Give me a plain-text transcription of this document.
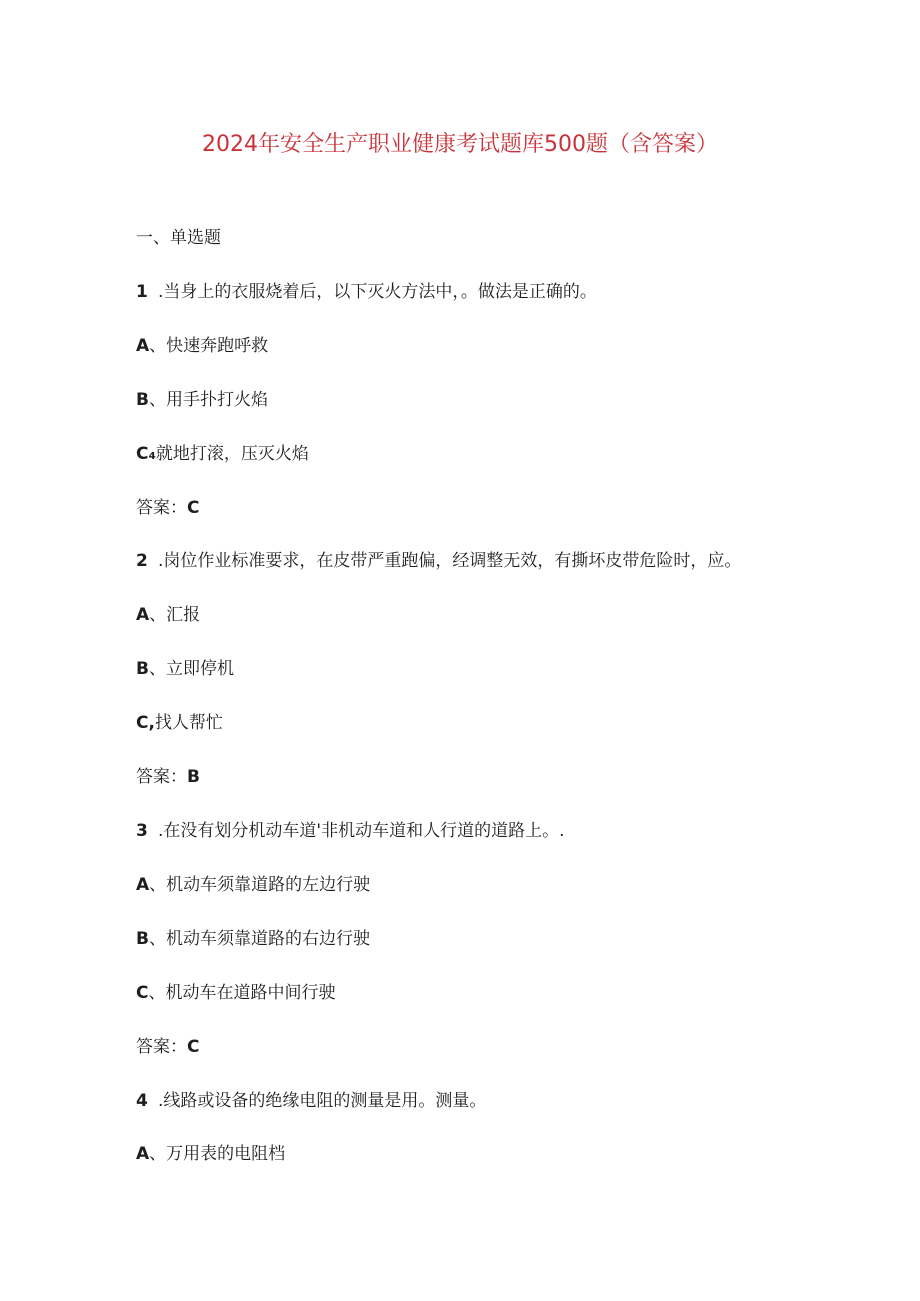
2024年安全生产职业健康考试题库500题（含答案）
一、单选题
1 .当身上的衣服烧着后，以下灭火方法中，。做法是正确的。
A、快速奔跑呼救
B、用手扑打火焰
C₄就地打滚，压灭火焰
答案：C
2 .岗位作业标准要求，在皮带严重跑偏，经调整无效，有撕坏皮带危险时，应。
A、汇报
B、立即停机
C,找人帮忙
答案：B
3 .在没有划分机动车道'非机动车道和人行道的道路上。.
A、机动车须靠道路的左边行驶
B、机动车须靠道路的右边行驶
C、机动车在道路中间行驶
答案：C
4 .线路或设备的绝缘电阻的测量是用。测量。
A、万用表的电阻档
